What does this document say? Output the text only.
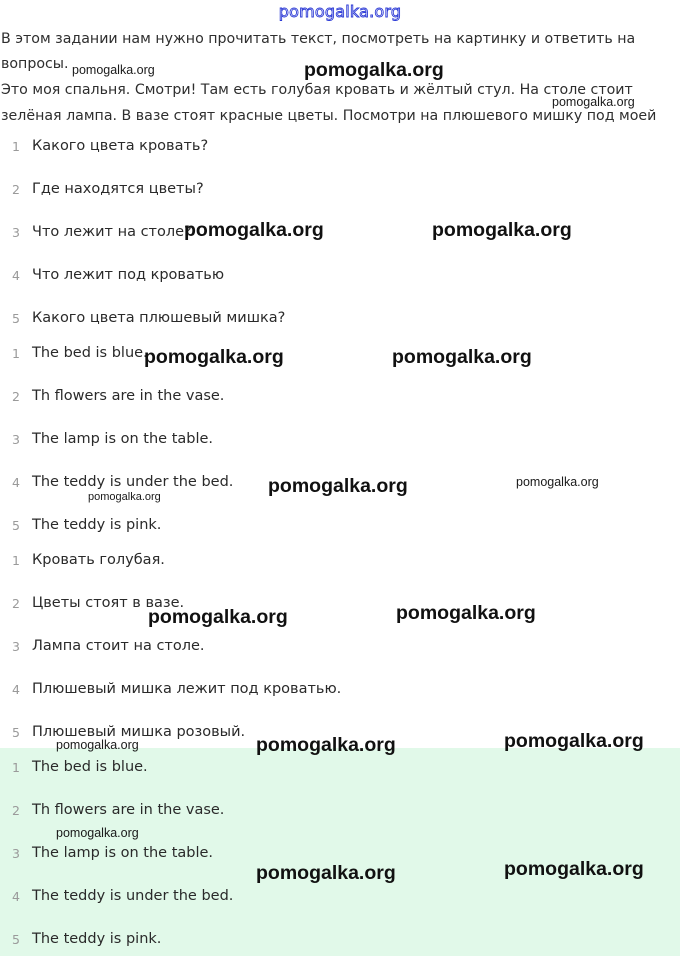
pomogalka.org
В этом задании нам нужно прочитать текст, посмотреть на картинку и ответить на
вопросы.
Это моя спальня. Смотри! Там есть голубая кровать и жёлтый стул. На столе стоит
зелёная лампа. В вазе стоят красные цветы. Посмотри на плюшевого мишку под моей
1 Какого цвета кровать?
2 Где находятся цветы?
3 Что лежит на столе?
4 Что лежит под кроватью
5 Какого цвета плюшевый мишка?
1 The bed is blue.
2 Th flowers are in the vase.
3 The lamp is on the table.
4 The teddy is under the bed.
5 The teddy is pink.
1 Кровать голубая.
2 Цветы стоят в вазе.
3 Лампа стоит на столе.
4 Плюшевый мишка лежит под кроватью.
5 Плюшевый мишка розовый.
1 The bed is blue.
2 Th flowers are in the vase.
3 The lamp is on the table.
4 The teddy is under the bed.
5 The teddy is pink.
pomogalka.org	pomogalka.org
pomogalka.org
pomogalka.org	pomogalka.org
pomogalka.org	pomogalka.org
pomogalka.org	pomogalka.org
pomogalka.org
pomogalka.org	pomogalka.org
pomogalka.org	pomogalka.org	pomogalka.org
pomogalka.org
pomogalka.org	pomogalka.org
